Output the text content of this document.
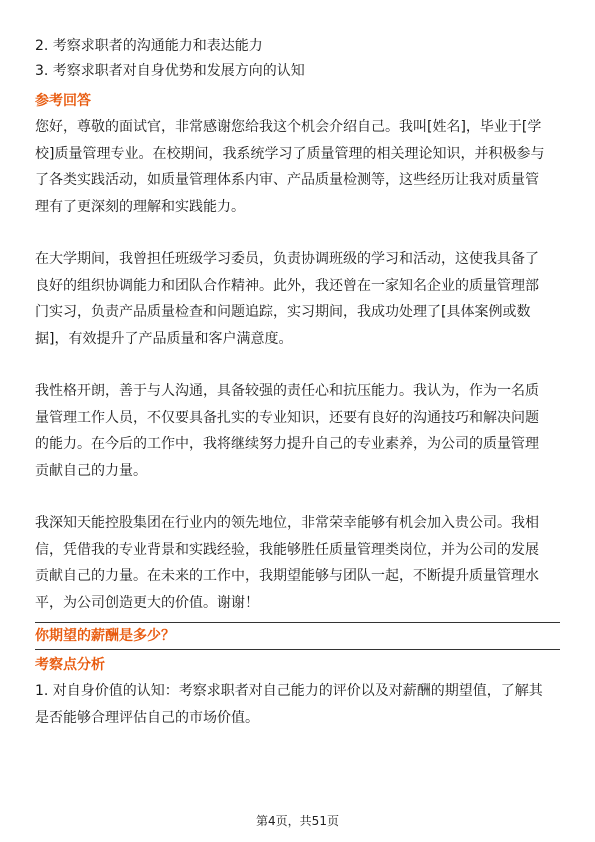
2. 考察求职者的沟通能力和表达能力

3. 考察求职者对自身优势和发展方向的认知

参考回答

您好，尊敬的面试官，非常感谢您给我这个机会介绍自己。我叫[姓名]，毕业于[学

校]质量管理专业。在校期间，我系统学习了质量管理的相关理论知识，并积极参与

了各类实践活动，如质量管理体系内审、产品质量检测等，这些经历让我对质量管

理有了更深刻的理解和实践能力。

在大学期间，我曾担任班级学习委员，负责协调班级的学习和活动，这使我具备了

良好的组织协调能力和团队合作精神。此外，我还曾在一家知名企业的质量管理部

门实习，负责产品质量检查和问题追踪，实习期间，我成功处理了[具体案例或数

据]，有效提升了产品质量和客户满意度。

我性格开朗，善于与人沟通，具备较强的责任心和抗压能力。我认为，作为一名质

量管理工作人员，不仅要具备扎实的专业知识，还要有良好的沟通技巧和解决问题

的能力。在今后的工作中，我将继续努力提升自己的专业素养，为公司的质量管理

贡献自己的力量。

我深知天能控股集团在行业内的领先地位，非常荣幸能够有机会加入贵公司。我相

信，凭借我的专业背景和实践经验，我能够胜任质量管理类岗位，并为公司的发展

贡献自己的力量。在未来的工作中，我期望能够与团队一起，不断提升质量管理水

平，为公司创造更大的价值。谢谢！

你期望的薪酬是多少？

考察点分析

1. 对自身价值的认知：考察求职者对自己能力的评价以及对薪酬的期望值，了解其

是否能够合理评估自己的市场价值。

第4页，共51页
